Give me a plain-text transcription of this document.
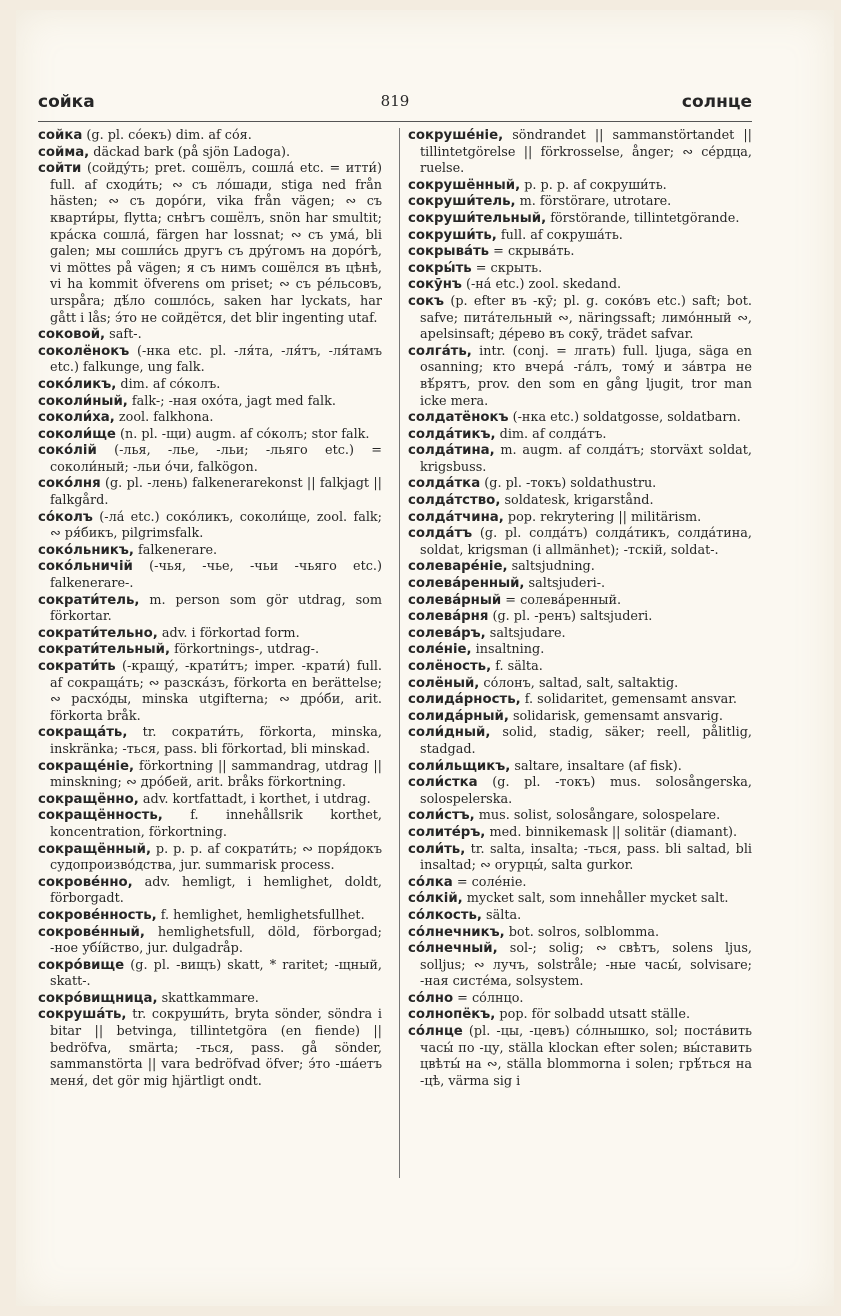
сойка	819	солнце

сойка (g. pl. со́екъ) dim. af со́я.

сойма, däckad bark (på sjön Ladoga).

сойти (сойду́ть; pret. сошёлъ, сошла́ etc. = итти́) full. af сходи́ть; ∾ съ ло́шади, stiga ned från hästen; ∾ съ доро́ги, vika från vägen; ∾ съ кварти́ры, flytta; снѣгъ сошёлъ, snön har smultit; кра́ска сошла́, färgen har lossnat; ∾ съ ума́, bli galen; мы сошли́сь другъ съ дру́гомъ на доро́гѣ, vi möttes på vägen; я съ нимъ сошёлся въ цѣнѣ, vi ha kommit öfverens om priset; ∾ съ ре́льсовъ, urspåra; дѣ́ло сошло́сь, saken har lyckats, har gått i lås; э́то не сойдётся, det blir ingenting utaf.

соковой, saft-.

соколёнокъ (-нка etc. pl. -ля́та, -ля́тъ, -ля́тамъ etc.) falkunge, ung falk.

соко́ликъ, dim. af со́колъ.

соколи́ный, falk-; -ная охо́та, jagt med falk.

соколи́ха, zool. falkhona.

соколи́ще (n. pl. -щи) augm. af со́колъ; stor falk.

соко́лій (-лья, -лье, -льи; -льяго etc.) = соколи́ный; -льи о́чи, falkögon.

соко́лня (g. pl. -лень) falkenerarekonst || falkjagt || falkgård.

со́колъ (-ла́ etc.) соко́ликъ, соколи́ще, zool. falk; ∾ ря́бикъ, pilgrimsfalk.

соко́льникъ, falkenerare.

соко́льничій (-чья, -чье, -чьи -чьяго etc.) falkenerare-.

сократи́тель, m. person som gör utdrag, som förkortar.

сократи́тельно, adv. i förkortad form.

сократи́тельный, förkortnings-, utdrag-.

сократи́ть (-кращу́, -крати́тъ; imper. -крати́) full. af сокраща́ть; ∾ разска́зъ, förkorta en berättelse; ∾ расхо́ды, minska utgifterna; ∾ дро́би, arit. förkorta bråk.

сокраща́ть, tr. сократи́ть, förkorta, minska, inskränka; -ться, pass. bli förkortad, bli minskad.

сокраще́ніе, förkortning || sammandrag, utdrag || minskning; ∾ дро́бей, arit. bråks förkortning.

сокращённо, adv. kortfattadt, i korthet, i utdrag.

сокращённость, f. innehållsrik korthet, koncentration, förkortning.

сокращённый, p. p. p. af сократи́ть; ∾ поря́докъ судопроизво́дства, jur. summarisk process.

сокрове́нно, adv. hemligt, i hemlighet, doldt, förborgadt.

сокрове́нность, f. hemlighet, hemlighetsfullhet.

сокрове́нный, hemlighetsfull, döld, förborgad; -ное убі́йство, jur. dulgadråp.

сокро́вище (g. pl. -вищъ) skatt, * raritet; -щный, skatt-.

сокро́вищница, skattkammare.

сокруша́ть, tr. сокруши́ть, bryta sönder, söndra i bitar || betvinga, tillintetgöra (en fiende) || bedröfva, smärta; -ться, pass. gå sönder, sammanstörta || vara bedröfvad öfver; э́то -ша́етъ меня́, det gör mig hjärtligt ondt.

сокруше́ніе, söndrandet || sammanstörtandet || tillintetgörelse || förkrosselse, ånger; ∾ се́рдца, ruelse.

сокрушённый, p. p. p. af сокруши́ть.

сокруши́тель, m. förstörare, utrotare.

сокруши́тельный, förstörande, tillintetgörande.

сокруши́ть, full. af сокруша́ть.

сокрыва́ть = скрыва́ть.

сокры́ть = скрыть.

сокӯнъ (-на́ etc.) zool. skedand.

сокъ (p. efter въ -кӯ; pl. g. соко́въ etc.) saft; bot. safve; пита́тельный ∾, näringssaft; лимо́нный ∾, apelsinsaft; де́рево въ сокӯ, trädet safvar.

солга́ть, intr. (conj. = лгать) full. ljuga, säga en osanning; кто вчера́ -га́лъ, тому́ и за́втра не вѣ́рятъ, prov. den som en gång ljugit, tror man icke mera.

солдатёнокъ (-нка etc.) soldatgosse, soldatbarn.

солда́тикъ, dim. af солда́тъ.

солда́тина, m. augm. af солда́тъ; storväxt soldat, krigsbuss.

солда́тка (g. pl. -токъ) soldathustru.

солда́тство, soldatesk, krigarstånd.

солда́тчина, pop. rekrytering || militärism.

солда́тъ (g. pl. солда́тъ) солда́тикъ, солда́тина, soldat, krigsman (i allmänhet); -тскій, soldat-.

солеваре́ніе, saltsjudning.

солева́ренный, saltsjuderi-.

солева́рный = солева́ренный.

солева́рня (g. pl. -ренъ) saltsjuderi.

солева́ръ, saltsjudare.

соле́ніе, insaltning.

солёность, f. sälta.

солёный, со́лонъ, saltad, salt, saltaktig.

солида́рность, f. solidaritet, gemensamt ansvar.

солида́рный, solidarisk, gemensamt ansvarig.

соли́дный, solid, stadig, säker; reell, pålitlig, stadgad.

соли́льщикъ, saltare, insaltare (af fisk).

соли́стка (g. pl. -токъ) mus. solosångerska, solospelerska.

соли́стъ, mus. solist, solosångare, solospelare.

солите́ръ, med. binnikemask || solitär (diamant).

соли́ть, tr. salta, insalta; -ться, pass. bli saltad, bli insaltad; ∾ огурцы́, salta gurkor.

со́лка = соле́ніе.

со́лкій, mycket salt, som innehåller mycket salt.

со́лкость, sälta.

со́лнечникъ, bot. solros, solblomma.

со́лнечный, sol-; solig; ∾ свѣтъ, solens ljus, solljus; ∾ лучъ, solstråle; -ные часы́, solvisare; -ная систе́ма, solsystem.

со́лно = со́лнцо.

солнопёкъ, pop. för solbadd utsatt ställe.

со́лнце (pl. -цы, -цевъ) со́лнышко, sol; поста́вить часы́ по -цу, ställa klockan efter solen; вы́ставить цвѣты́ на ∾, ställa blommorna i solen; грѣ́ться на -цѣ, värma sig i
